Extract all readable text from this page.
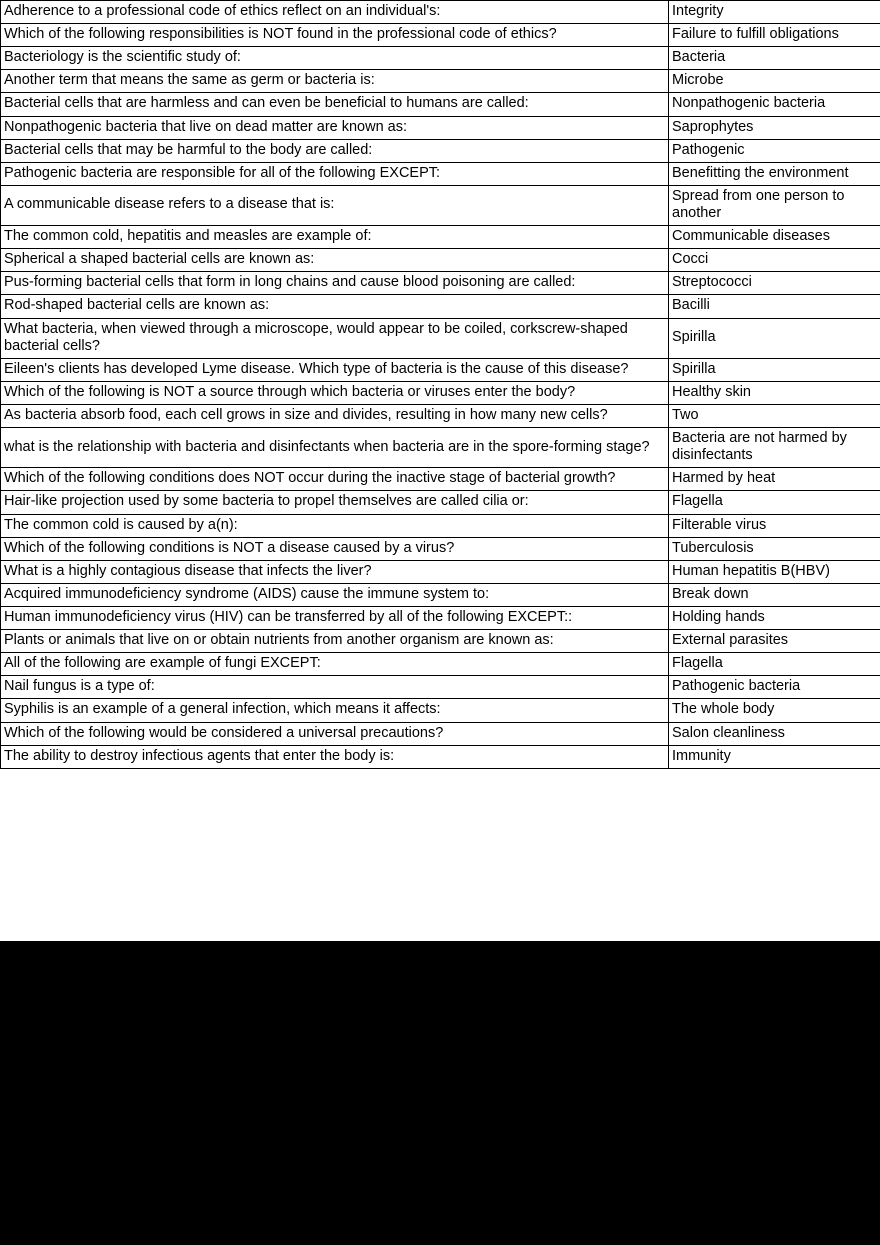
Adherence to a professional code of ethics reflect on an individual's:	Integrity
Which of the following responsibilities is NOT found in the professional code of ethics?	Failure to fulfill obligations
Bacteriology is the scientific study of:	Bacteria
Another term that means the same as germ or bacteria is:	Microbe
Bacterial cells that are harmless and can even be beneficial to humans are called:	Nonpathogenic bacteria
Nonpathogenic bacteria that live on dead matter are known as:	Saprophytes
Bacterial cells that may be harmful to the body are called:	Pathogenic
Pathogenic bacteria are responsible for all of the following EXCEPT:	Benefitting the environment
A communicable disease refers to a disease that is:	Spread from one person to another
The common cold, hepatitis and measles are example of:	Communicable diseases
Spherical a shaped bacterial cells are known as:	Cocci
Pus-forming bacterial cells that form in long chains and cause blood poisoning are called:	Streptococci
Rod-shaped bacterial cells are known as:	Bacilli
What bacteria, when viewed through a microscope, would appear to be coiled, corkscrew-shaped bacterial cells?	Spirilla
Eileen's clients has developed Lyme disease. Which type of bacteria is the cause of this disease?	Spirilla
Which of the following is NOT a source through which bacteria or viruses enter the body?	Healthy skin
As bacteria absorb food, each cell grows in size and divides, resulting in how many new cells?	Two
what is the relationship with bacteria and disinfectants when bacteria are in the spore-forming stage?	Bacteria are not harmed by disinfectants
Which of the following conditions does NOT occur during the inactive stage of bacterial growth?	Harmed by heat
Hair-like projection used by some bacteria to propel themselves are called cilia or:	Flagella
The common cold is caused by a(n):	Filterable virus
Which of the following conditions is NOT a disease caused by a virus?	Tuberculosis
What is a highly contagious disease that infects the liver?	Human hepatitis B(HBV)
Acquired immunodeficiency syndrome (AIDS) cause the immune system to:	Break down
Human immunodeficiency virus (HIV) can be transferred by all of the following EXCEPT::	Holding hands
Plants or animals that live on or obtain nutrients from another organism are known as:	External parasites
All of the following are example of fungi EXCEPT:	Flagella
Nail fungus is a type of:	Pathogenic bacteria
Syphilis is an example of a general infection, which means it affects:	The whole body
Which of the following would be considered a universal precautions?	Salon cleanliness
The ability to destroy infectious agents that enter the body is:	Immunity
